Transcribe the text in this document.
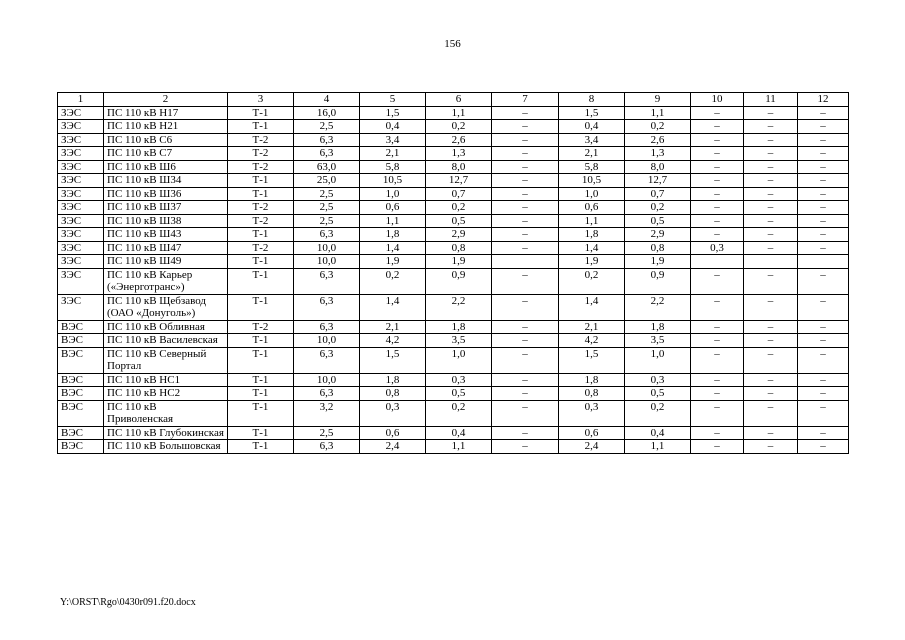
156
1	2	3	4	5	6	7	8	9	10	11	12
ЗЭС	ПС 110 кВ Н17	Т-1	16,0	1,5	1,1	–	1,5	1,1	–	–	–
ЗЭС	ПС 110 кВ Н21	Т-1	2,5	0,4	0,2	–	0,4	0,2	–	–	–
ЗЭС	ПС 110 кВ С6	Т-2	6,3	3,4	2,6	–	3,4	2,6	–	–	–
ЗЭС	ПС 110 кВ С7	Т-2	6,3	2,1	1,3	–	2,1	1,3	–	–	–
ЗЭС	ПС 110 кВ Ш6	Т-2	63,0	5,8	8,0	–	5,8	8,0	–	–	–
ЗЭС	ПС 110 кВ Ш34	Т-1	25,0	10,5	12,7	–	10,5	12,7	–	–	–
ЗЭС	ПС 110 кВ Ш36	Т-1	2,5	1,0	0,7	–	1,0	0,7	–	–	–
ЗЭС	ПС 110 кВ Ш37	Т-2	2,5	0,6	0,2	–	0,6	0,2	–	–	–
ЗЭС	ПС 110 кВ Ш38	Т-2	2,5	1,1	0,5	–	1,1	0,5	–	–	–
ЗЭС	ПС 110 кВ Ш43	Т-1	6,3	1,8	2,9	–	1,8	2,9	–	–	–
ЗЭС	ПС 110 кВ Ш47	Т-2	10,0	1,4	0,8	–	1,4	0,8	0,3	–	–
ЗЭС	ПС 110 кВ Ш49	Т-1	10,0	1,9	1,9		1,9	1,9			
ЗЭС	ПС 110 кВ Карьер («Энерготранс»)	Т-1	6,3	0,2	0,9	–	0,2	0,9	–	–	–
ЗЭС	ПС 110 кВ Щебзавод (ОАО «Донуголь»)	Т-1	6,3	1,4	2,2	–	1,4	2,2	–	–	–
ВЭС	ПС 110 кВ Обливная	Т-2	6,3	2,1	1,8	–	2,1	1,8	–	–	–
ВЭС	ПС 110 кВ Василевская	Т-1	10,0	4,2	3,5	–	4,2	3,5	–	–	–
ВЭС	ПС 110 кВ Северный Портал	Т-1	6,3	1,5	1,0	–	1,5	1,0	–	–	–
ВЭС	ПС 110 кВ НС1	Т-1	10,0	1,8	0,3	–	1,8	0,3	–	–	–
ВЭС	ПС 110 кВ НС2	Т-1	6,3	0,8	0,5	–	0,8	0,5	–	–	–
ВЭС	ПС 110 кВ Приволенская	Т-1	3,2	0,3	0,2	–	0,3	0,2	–	–	–
ВЭС	ПС 110 кВ Глубокинская	Т-1	2,5	0,6	0,4	–	0,6	0,4	–	–	–
ВЭС	ПС 110 кВ Большовская	Т-1	6,3	2,4	1,1	–	2,4	1,1	–	–	–
Y:\ORST\Rgo\0430r091.f20.docx
